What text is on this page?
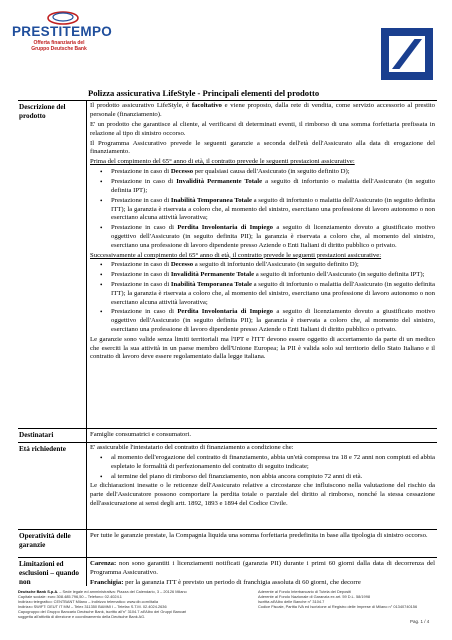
PRESTITEMPO
Offerta finanziaria del Gruppo Deutsche Bank
Polizza assicurativa LifeStyle - Principali elementi del prodotto
Descrizione del prodotto

Il prodotto assicurativo LifeStyle, è facoltativo e viene proposto, dalla rete di vendita, come servizio accessorio al prestito personale (finanziamento).

E' un prodotto che garantisce al cliente, al verificarsi di determinati eventi, il rimborso di una somma forfettaria prefissata in relazione al tipo di sinistro occorso.

Il Programma Assicurativo prevede le seguenti garanzie a seconda dell'età dell'Assicurato alla data di erogazione del finanziamento.

Prima del compimento del 65° anno di età, il contratto prevede le seguenti prestazioni assicurative:

• Prestazione in caso di Decesso per qualsiasi causa dell'Assicurato (in seguito definito D);
• Prestazione in caso di Invalidità Permanente Totale a seguito di infortunio o malattia dell'Assicurato (in seguito definita IPT);
• Prestazione in caso di Inabilità Temporanea Totale a seguito di infortunio o malattia dell'Assicurato (in seguito definita ITT); la garanzia è riservata a coloro che, al momento del sinistro, esercitano una professione di lavoro autonomo o non esercitano alcuna attività lavorativa;
• Prestazione in caso di Perdita Involontaria di Impiego a seguito di licenziamento dovuto a giustificato motivo oggettivo dell'Assicurato (in seguito definita PII); la garanzia è riservata a coloro che, al momento del sinistro, esercitano una professione di lavoro dipendente presso Aziende o Enti Italiani di diritto pubblico o privato.

Successivamente al compimento del 65° anno di età, il contratto prevede le seguenti prestazioni assicurative:

• Prestazione in caso di Decesso a seguito di infortunio dell'Assicurato (in seguito definito D);
• Prestazione in caso di Invalidità Permanente Totale a seguito di infortunio dell'Assicurato (in seguito definita IPT);
• Prestazione in caso di Inabilità Temporanea Totale a seguito di infortunio o malattia dell'Assicurato (in seguito definita ITT); la garanzia è riservata a coloro che, al momento del sinistro, esercitano una professione di lavoro autonomo o non esercitano alcuna attività lavorativa;
• Prestazione in caso di Perdita Involontaria di Impiego a seguito di licenziamento dovuto a giustificato motivo oggettivo dell'Assicurato (in seguito definita PII); la garanzia è riservata a coloro che, al momento del sinistro, esercitano una professione di lavoro dipendente presso Aziende o Enti Italiani di diritto pubblico o privato.

Le garanzie sono valide senza limiti territoriali ma l'IPT e l'ITT devono essere oggetto di accertamento da parte di un medico che eserciti la sua attività in un paese membro dell'Unione Europea; la PII è valida solo sul territorio dello Stato Italiano e il contratto di lavoro deve essere regolamentato dalla legge italiana.

Destinatari	Famiglie consumatrici e consumatori.
Età richiedente	E' assicurabile l'intestatario del contratto di finanziamento a condizione che:

• al momento dell'erogazione del contratto di finanziamento, abbia un'età compresa tra 18 e 72 anni non compiuti ed abbia espletato le formalità di perfezionamento del contratto di seguito indicate;
• al termine del piano di rimborso del finanziamento, non abbia ancora compiuto 72 anni di età.

Le dichiarazioni inesatte o le reticenze dell'Assicurato relative a circostanze che influiscono nella valutazione del rischio da parte dell'Assicuratore possono comportare la perdita totale o parziale del diritto al rimborso, nonché la stessa cessazione dell'assicurazione ai sensi degli artt. 1892, 1893 e 1894 del Codice Civile.

Operatività delle garanzie
Per tutte le garanzie prestate, la Compagnia liquida una somma forfettaria predefinita in base alla tipologia di sinistro occorso.
Limitazioni ed esclusioni – quando non

Carenza: non sono garantiti i licenziamenti notificati (garanzia PII) durante i primi 60 giorni dalla data di decorrenza del Programma Assicurativo.

Franchigia: per la garanzia ITT è previsto un periodo di franchigia assoluta di 60 giorni, che decorre

Deutsche Bank S.p.A. – Sede legale ed amministrativa: Piazza del Calendario, 3 – 20126 Milano
Capitale sociale: euro 308.485.796,50 – Telefono: 02.4024.1
Indirizzo telegrafico: CENTBANT Milano – Indirizzo telematico: www.db.com/italia
Indirizzo SWIFT: DEUT IT MM – Telex 311350 BAMMI I – Telefax S.T.M. 02.4024.2636
Capogruppo del Gruppo Bancario Deutsche Bank, iscritto all'n° 3104.7 all'Albo dei Gruppi Bancari
soggetta all'attività di direzione e coordinamento della Deutsche Bank AG.
Aderente al Fondo Interbancario di Tutela dei Depositi
Aderente al Fondo Nazionale di Garanzia ex art. 59 D.L. 58/1998
Iscritta all'Albo delle Banche n° 3104.7
Codice Fiscale, Partita IVA ed Iscrizione al Registro delle Imprese di Milano n° 01340740156
Pag. 1 / 4
